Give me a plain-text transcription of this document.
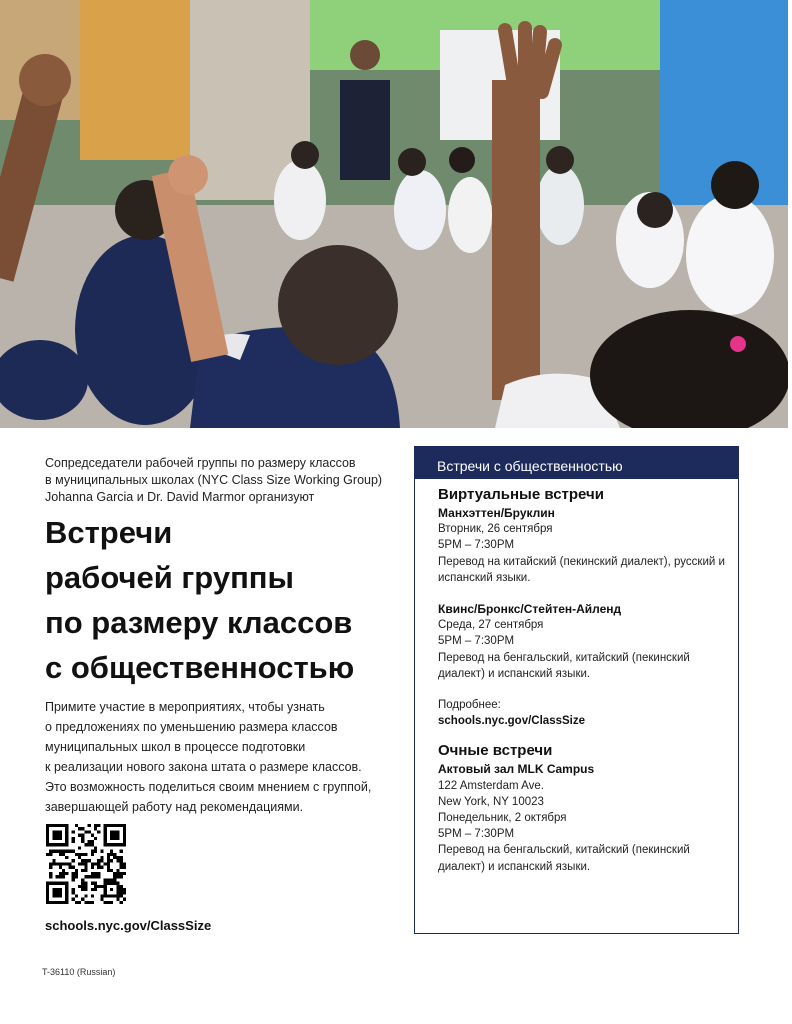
Сопредседатели рабочей группы по размеру классов
в муниципальных школах (NYC Class Size Working Group)
Johanna Garcia и Dr. David Marmor организуют
Встречи
рабочей группы
по размеру классов
с общественностью
Примите участие в мероприятиях, чтобы узнать
о предложениях по уменьшению размера классов
муниципальных школ в процессе подготовки
к реализации нового закона штата о размере классов.
Это возможность поделиться своим мнением с группой,
завершающей работу над рекомендациями.
schools.nyc.gov/ClassSize
T-36110 (Russian)
Встречи с общественностью
Виртуальные встречи
Манхэттен/Бруклин
Вторник, 26 сентября
5PM – 7:30PM
Перевод на китайский (пекинский диалект), русский и испанский языки.
Квинс/Бронкс/Стейтен-Айленд
Среда, 27 сентября
5PM – 7:30PM
Перевод на бенгальский, китайский (пекинский диалект) и испанский языки.
Подробнее:
schools.nyc.gov/ClassSize
Очные встречи
Актовый зал MLK Campus
122 Amsterdam Ave.
New York, NY 10023
Понедельник, 2 октября
5PM – 7:30PM
Перевод на бенгальский, китайский (пекинский диалект) и испанский языки.
